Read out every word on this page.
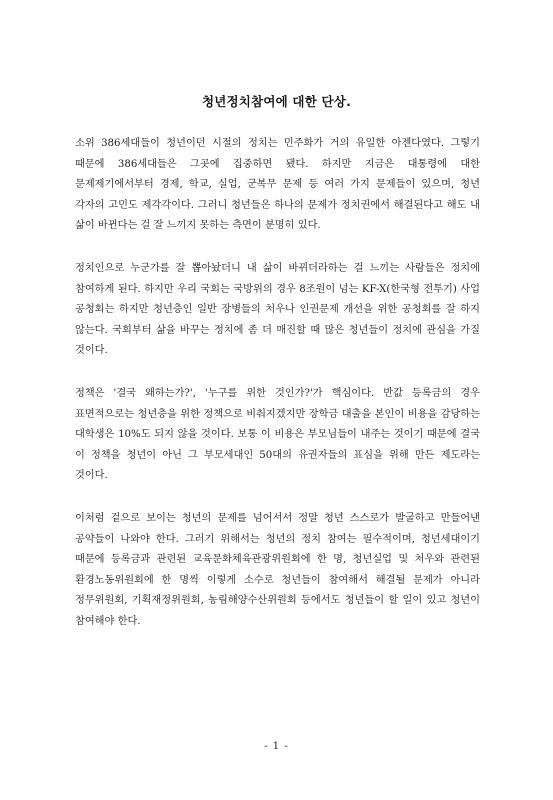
청년정치참여에 대한 단상.

소위 386세대들이 청년이던 시절의 정치는 민주화가 거의 유일한 아젠다였다. 그렇기 때문에 386세대들은 그곳에 집중하면 됐다. 하지만 지금은 대통령에 대한 문제제기에서부터 경제, 학교, 실업, 군복무 문제 등 여러 가지 문제들이 있으며, 청년 각자의 고민도 제각각이다. 그러니 청년들은 하나의 문제가 정치권에서 해결된다고 해도 내 삶이 바뀐다는 걸 잘 느끼지 못하는 측면이 분명히 있다.

정치인으로 누군가를 잘 뽑아놨더니 내 삶이 바뀌더라하는 걸 느끼는 사람들은 정치에 참여하게 된다. 하지만 우리 국회는 국방위의 경우 8조원이 넘는 KF-X(한국형 전투기) 사업 공청회는 하지만 청년층인 일반 장병들의 처우나 인권문제 개선을 위한 공청회를 잘 하지 않는다. 국회부터 삶을 바꾸는 정치에 좀 더 매진할 때 많은 청년들이 정치에 관심을 가질 것이다.

정책은 '결국 왜하는가?', '누구를 위한 것인가?'가 핵심이다. 반값 등록금의 경우 표면적으로는 청년층을 위한 정책으로 비춰지겠지만 장학금 대출을 본인이 비용을 감당하는 대학생은 10%도 되지 않을 것이다. 보통 이 비용은 부모님들이 내주는 것이기 때문에 결국 이 정책을 청년이 아닌 그 부모세대인 50대의 유권자들의 표심을 위해 만든 제도라는 것이다.

이처럼 겉으로 보이는 청년의 문제를 넘어서서 정말 청년 스스로가 발굴하고 만들어낸 공약들이 나와야 한다. 그러기 위해서는 청년의 정치 참여는 필수적이며, 청년세대이기 때문에 등록금과 관련된 교육문화체육관광위원회에 한 명, 청년실업 및 처우와 관련된 환경노동위원회에 한 명씩 이렇게 소수로 청년들이 참여해서 해결될 문제가 아니라 정무위원회, 기획재정위원회, 농림해양수산위원회 등에서도 청년들이 할 일이 있고 청년이 참여해야 한다.

- 1 -
